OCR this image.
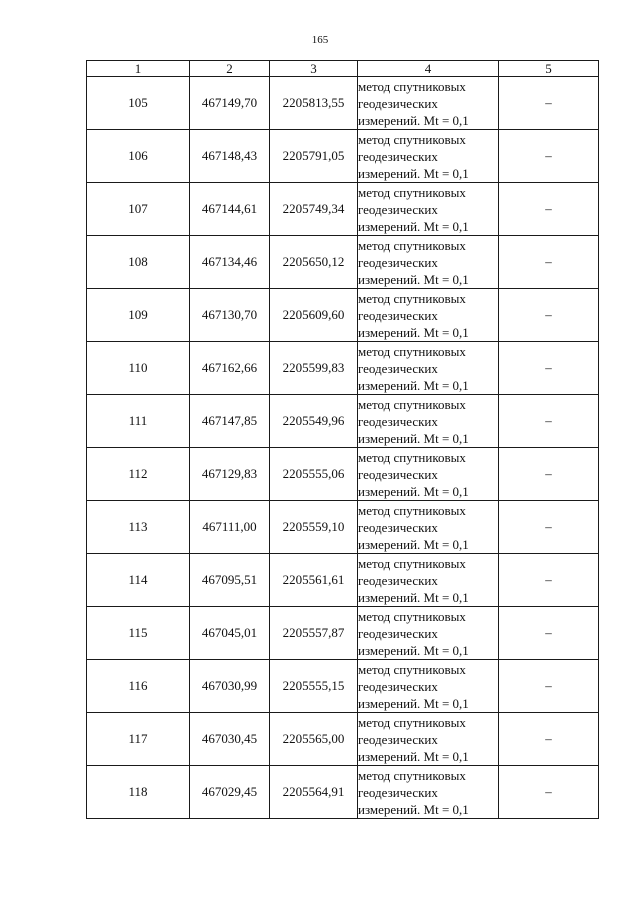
165
1	2	3	4	5
105	467149,70	2205813,55	метод спутниковых
геодезических
измерений. Mt = 0,1	–
106	467148,43	2205791,05	метод спутниковых
геодезических
измерений. Mt = 0,1	–
107	467144,61	2205749,34	метод спутниковых
геодезических
измерений. Mt = 0,1	–
108	467134,46	2205650,12	метод спутниковых
геодезических
измерений. Mt = 0,1	–
109	467130,70	2205609,60	метод спутниковых
геодезических
измерений. Mt = 0,1	–
110	467162,66	2205599,83	метод спутниковых
геодезических
измерений. Mt = 0,1	–
111	467147,85	2205549,96	метод спутниковых
геодезических
измерений. Mt = 0,1	–
112	467129,83	2205555,06	метод спутниковых
геодезических
измерений. Mt = 0,1	–
113	467111,00	2205559,10	метод спутниковых
геодезических
измерений. Mt = 0,1	–
114	467095,51	2205561,61	метод спутниковых
геодезических
измерений. Mt = 0,1	–
115	467045,01	2205557,87	метод спутниковых
геодезических
измерений. Mt = 0,1	–
116	467030,99	2205555,15	метод спутниковых
геодезических
измерений. Mt = 0,1	–
117	467030,45	2205565,00	метод спутниковых
геодезических
измерений. Mt = 0,1	–
118	467029,45	2205564,91	метод спутниковых
геодезических
измерений. Mt = 0,1	–
